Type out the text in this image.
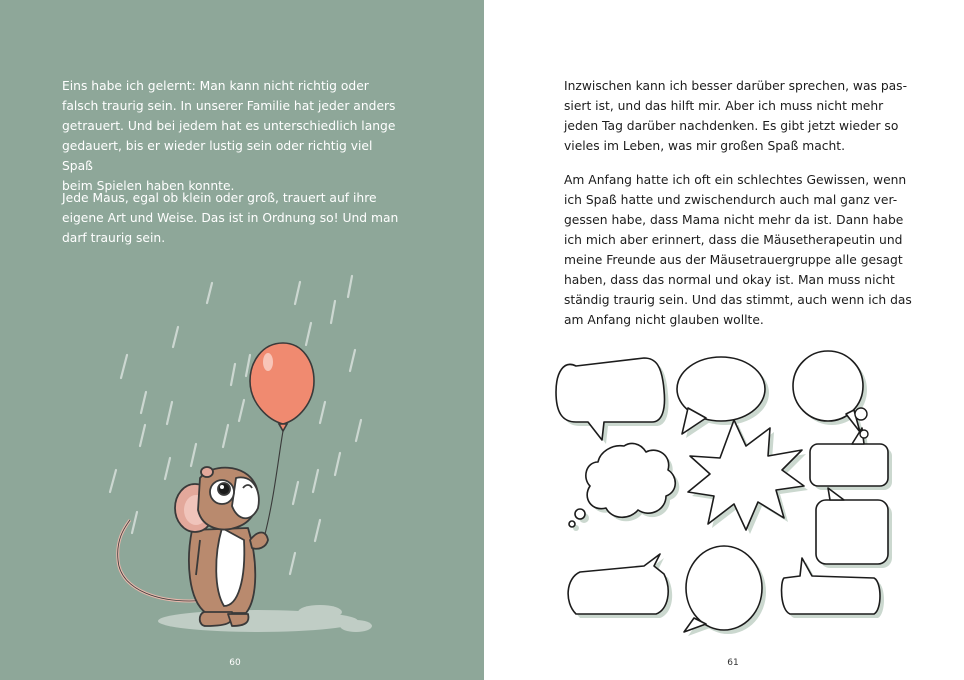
Eins habe ich gelernt: Man kann nicht richtig oder
falsch traurig sein. In unserer Familie hat jeder anders
getrauert. Und bei jedem hat es unterschiedlich lange
gedauert, bis er wieder lustig sein oder richtig viel Spaß
beim Spielen haben konnte.

Jede Maus, egal ob klein oder groß, trauert auf ihre
eigene Art und Weise. Das ist in Ordnung so! Und man
darf traurig sein.

60

Inzwischen kann ich besser darüber sprechen, was pas-
siert ist, und das hilft mir. Aber ich muss nicht mehr
jeden Tag darüber nachdenken. Es gibt jetzt wieder so
vieles im Leben, was mir großen Spaß macht.

Am Anfang hatte ich oft ein schlechtes Gewissen, wenn
ich Spaß hatte und zwischendurch auch mal ganz ver-
gessen habe, dass Mama nicht mehr da ist. Dann habe
ich mich aber erinnert, dass die Mäusetherapeutin und
meine Freunde aus der Mäusetrauergruppe alle gesagt
haben, dass das normal und okay ist. Man muss nicht
ständig traurig sein. Und das stimmt, auch wenn ich das
am Anfang nicht glauben wollte.

61
